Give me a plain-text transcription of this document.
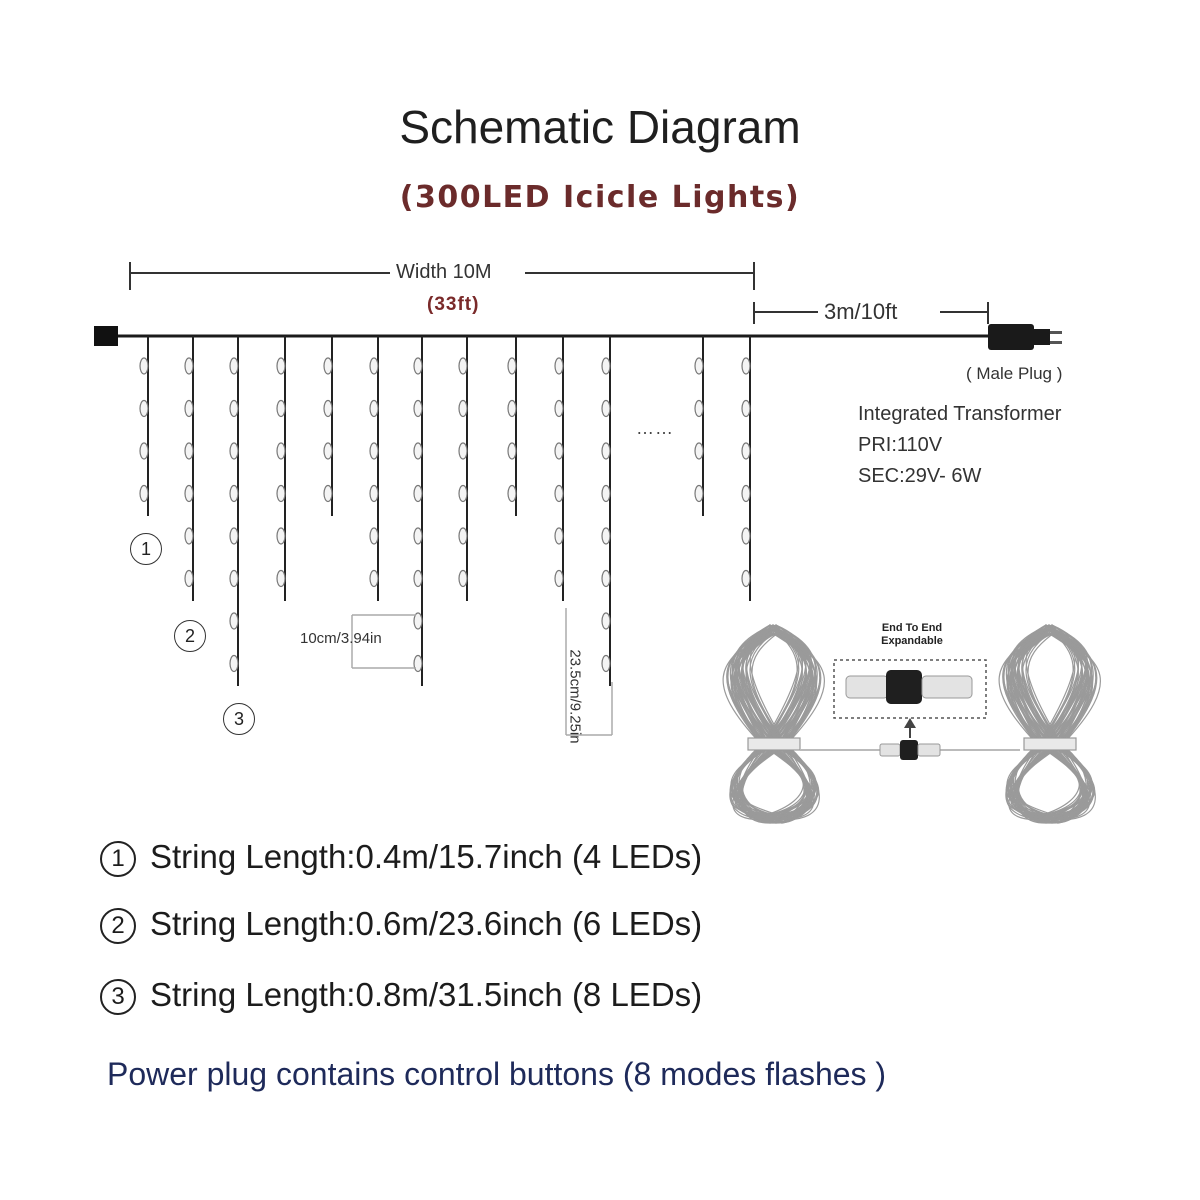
Schematic Diagram
(300LED Icicle Lights)
Width 10M
(33ft)	3m/10ft
( Male Plug )
Integrated Transformer
PRI:110V
SEC:29V- 6W
……
10cm/3.94in
23.5cm/9.25in
End To End
Expandable
1
2
3
1 String Length:0.4m/15.7inch (4 LEDs)
2 String Length:0.6m/23.6inch (6 LEDs)
3 String Length:0.8m/31.5inch (8 LEDs)
Power plug contains control buttons (8 modes flashes )
